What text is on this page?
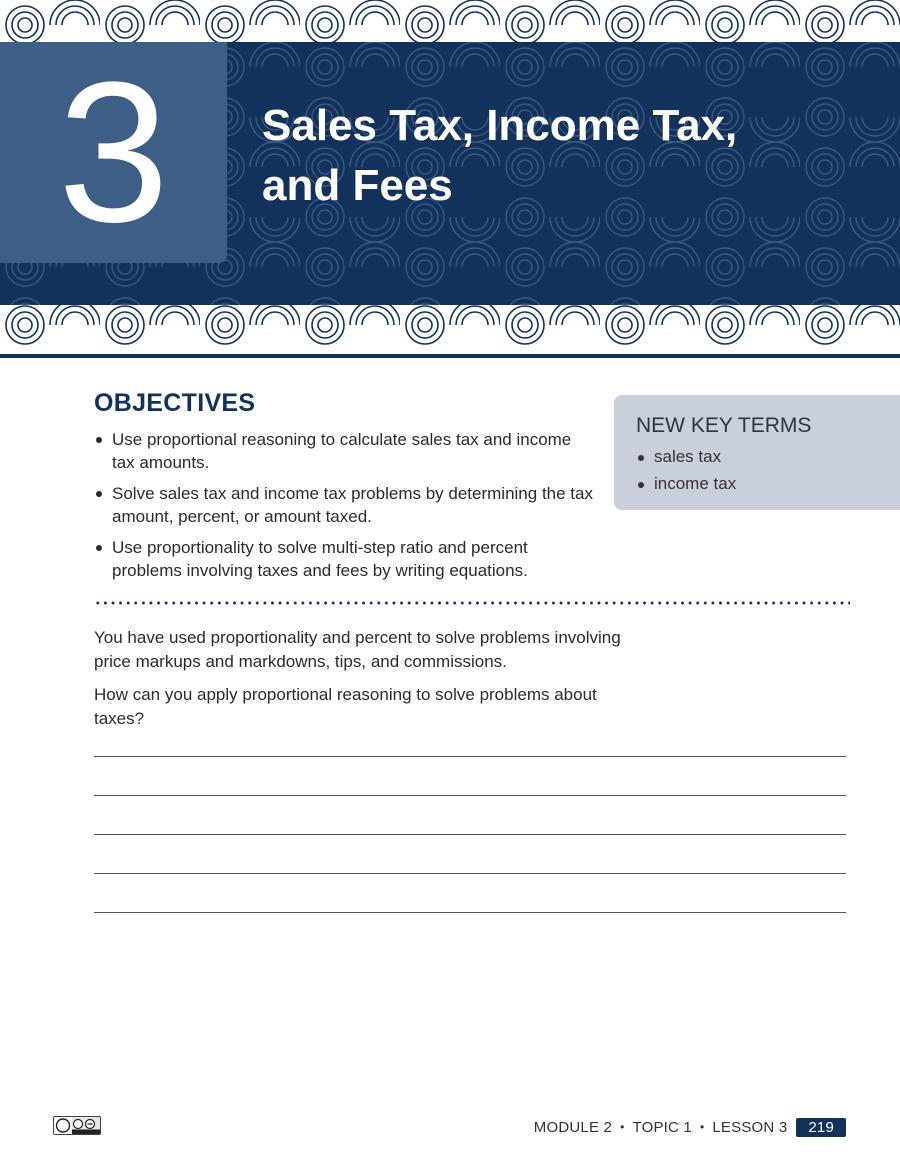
3	Sales Tax, Income Tax,
and Fees
OBJECTIVES
Use proportional reasoning to calculate sales tax and income tax amounts.
Solve sales tax and income tax problems by determining the tax amount, percent, or amount taxed.
Use proportionality to solve multi-step ratio and percent problems involving taxes and fees by writing equations.
NEW KEY TERMS
sales tax
income tax

You have used proportionality and percent to solve problems involving price markups and markdowns, tips, and commissions.

How can you apply proportional reasoning to solve problems about taxes?

MODULE 2 • TOPIC 1 • LESSON 3	219
